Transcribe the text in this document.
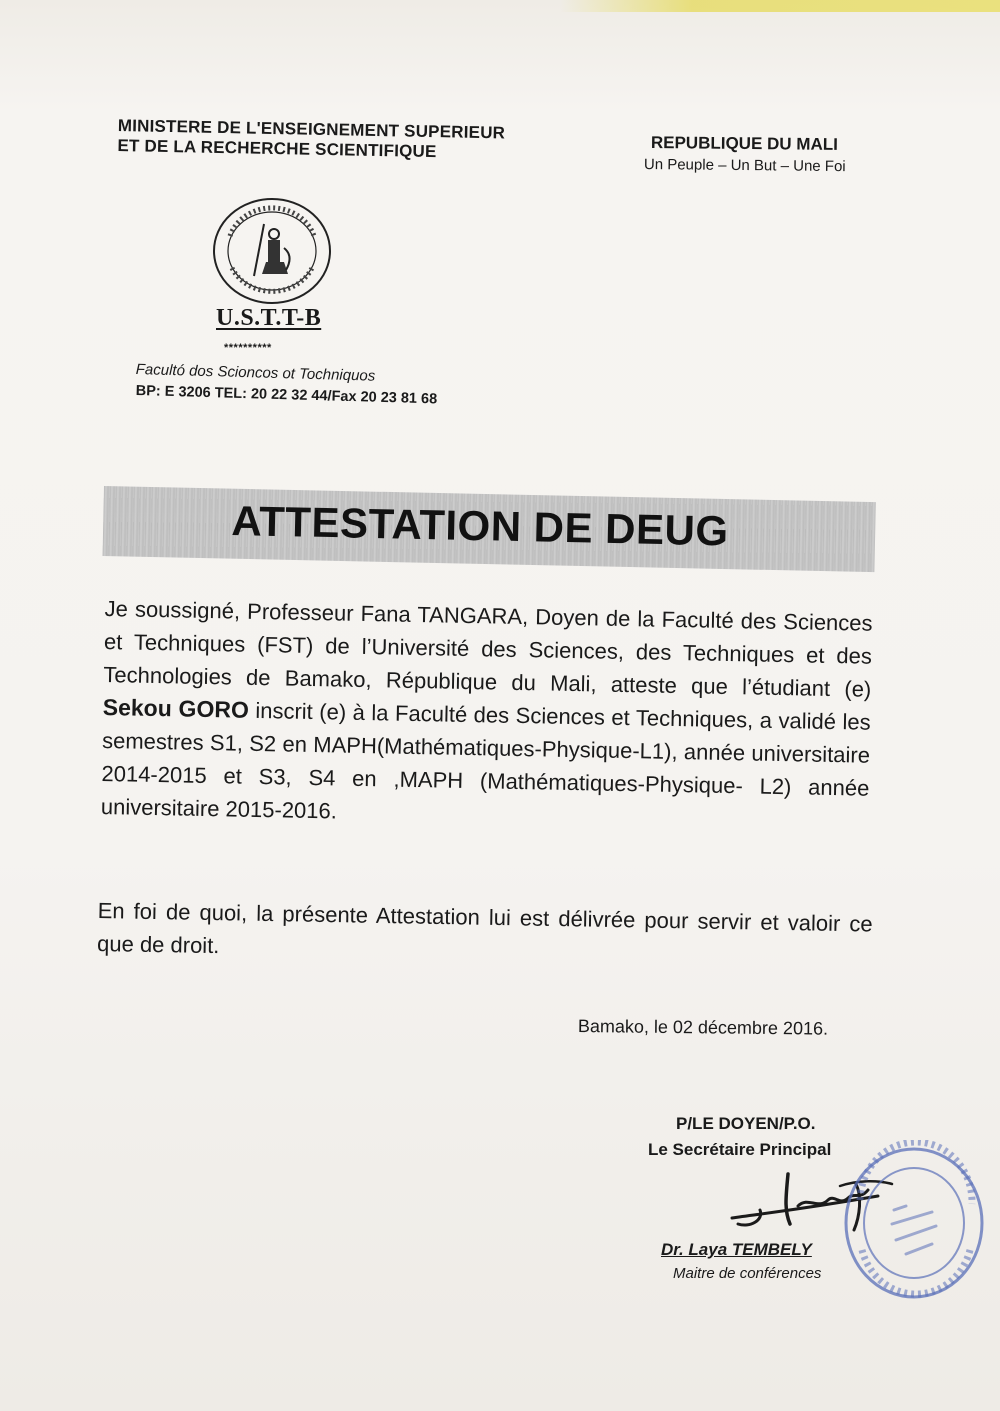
MINISTERE DE L'ENSEIGNEMENT SUPERIEUR
ET DE LA RECHERCHE SCIENTIFIQUE	REPUBLIQUE DU MALI
Un Peuple – Un But – Une Foi
U.S.T.T-B
**********
Facultó dos Scioncos ot Tochniquos
BP: E 3206 TEL: 20 22 32 44/Fax 20 23 81 68
ATTESTATION DE DEUG
Je soussigné, Professeur Fana TANGARA, Doyen de la Faculté des Sciences et Techniques (FST) de l’Université des Sciences, des Techniques et des Technologies de Bamako, République du Mali, atteste que l’étudiant (e) Sekou GORO inscrit (e) à la Faculté des Sciences et Techniques, a validé les semestres S1, S2 en MAPH(Mathématiques-Physique-L1), année universitaire 2014-2015 et S3, S4 en ,MAPH (Mathématiques-Physique- L2) année universitaire 2015-2016.
En foi de quoi, la présente Attestation lui est délivrée pour servir et valoir ce que de droit.
Bamako, le 02 décembre 2016.
P/LE DOYEN/P.O.
Le Secrétaire Principal
Dr. Laya TEMBELY
Maitre de conférences
